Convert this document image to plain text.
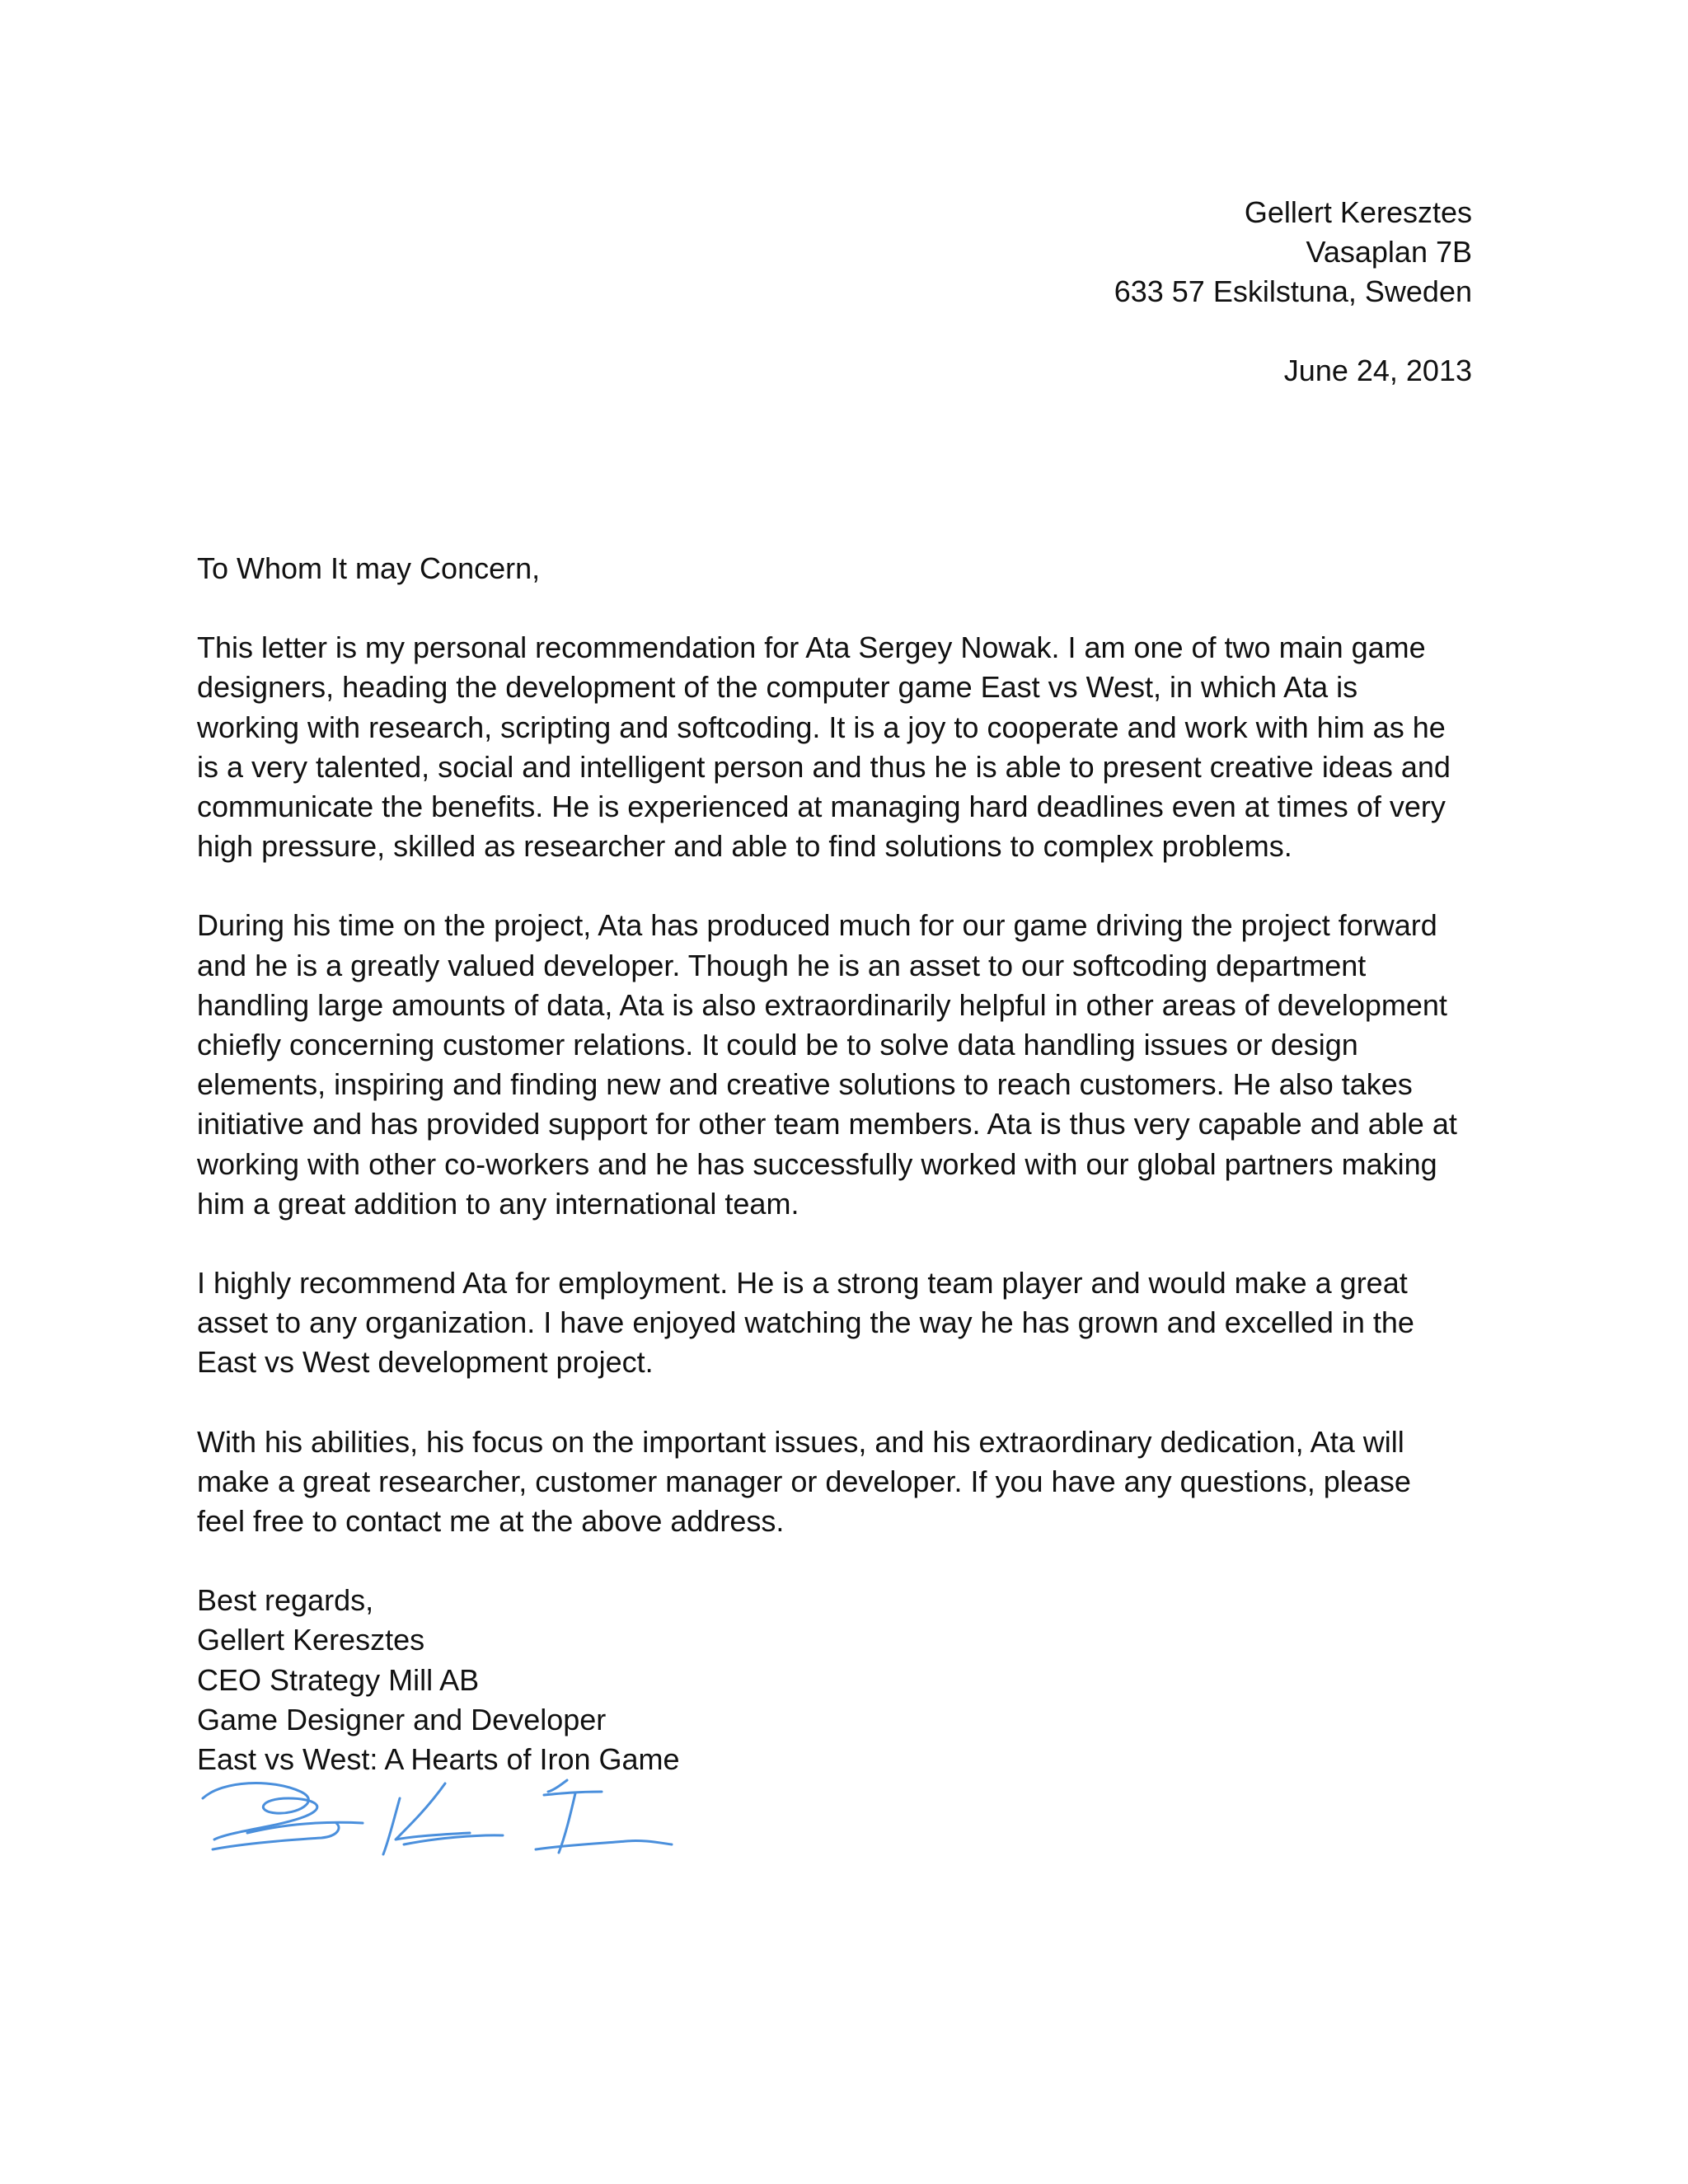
Gellert Keresztes
Vasaplan 7B
633 57 Eskilstuna, Sweden
June 24, 2013
To Whom It may Concern,
This letter is my personal recommendation for Ata Sergey Nowak. I am one of two main game
designers, heading the development of the computer game East vs West, in which Ata is
working with research, scripting and softcoding. It is a joy to cooperate and work with him as he
is a very talented, social and intelligent person and thus he is able to present creative ideas and
communicate the benefits. He is experienced at managing hard deadlines even at times of very
high pressure, skilled as researcher and able to find solutions to complex problems.
During his time on the project, Ata has produced much for our game driving the project forward
and he is a greatly valued developer. Though he is an asset to our softcoding department
handling large amounts of data, Ata is also extraordinarily helpful in other areas of development
chiefly concerning customer relations. It could be to solve data handling issues or design
elements, inspiring and finding new and creative solutions to reach customers. He also takes
initiative and has provided support for other team members. Ata is thus very capable and able at
working with other co-workers and he has successfully worked with our global partners making
him a great addition to any international team.
I highly recommend Ata for employment. He is a strong team player and would make a great
asset to any organization. I have enjoyed watching the way he has grown and excelled in the
East vs West development project.
With his abilities, his focus on the important issues, and his extraordinary dedication, Ata will
make a great researcher, customer manager or developer. If you have any questions, please
feel free to contact me at the above address.
Best regards,
Gellert Keresztes
CEO Strategy Mill AB
Game Designer and Developer
East vs West: A Hearts of Iron Game
